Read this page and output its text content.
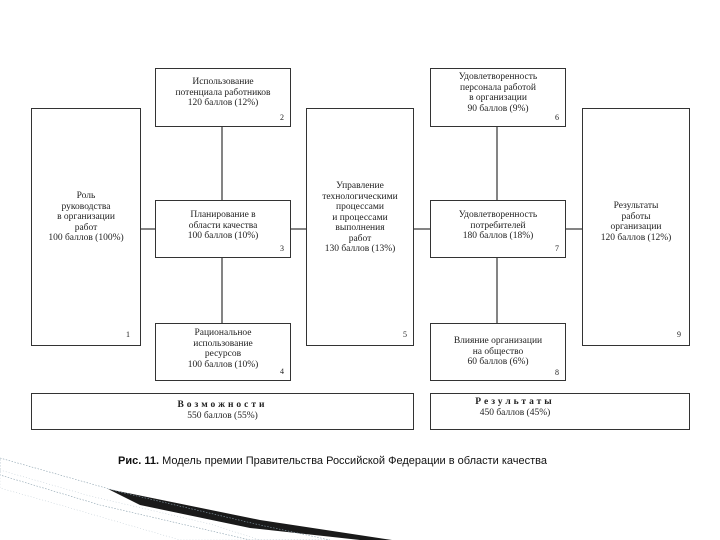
Роль
руководства
в организации
работ
100 баллов (100%)
1
Использование
потенциала работников
120 баллов (12%)
2
Планирование в
области качества
100 баллов (10%)
3
Рациональное
использование
ресурсов
100 баллов (10%)
4
Управление
технологическими
процессами
и процессами
выполнения
работ
130 баллов (13%)
5
Удовлетворенность
персонала работой
в организации
90 баллов (9%)
6
Удовлетворенность
потребителей
180 баллов (18%)
7
Влияние организации
на общество
60 баллов (6%)
8
Результаты
работы
организации
120 баллов (12%)
9
Возможности
550 баллов (55%)
Результаты
450 баллов (45%)
Рис. 11. Модель премии Правительства Российской Федерации в области качества
